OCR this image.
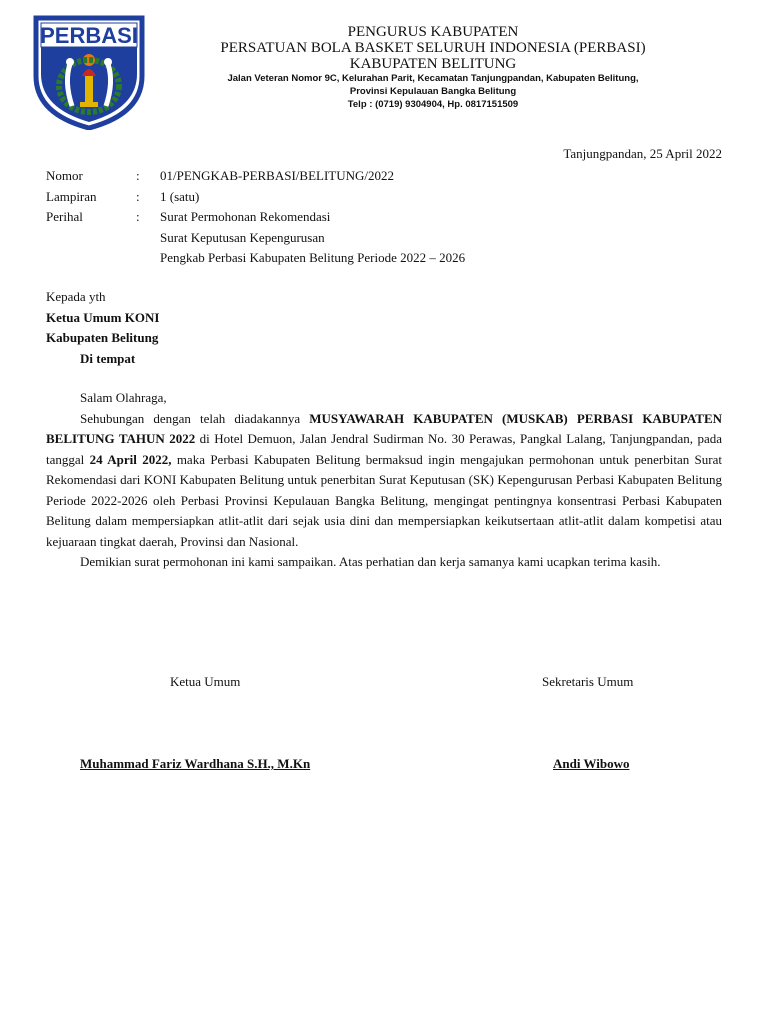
PERBASI	PENGURUS KABUPATEN
PERSATUAN BOLA BASKET SELURUH INDONESIA (PERBASI)
KABUPATEN BELITUNG
Jalan Veteran Nomor 9C, Kelurahan Parit, Kecamatan Tanjungpandan, Kabupaten Belitung,
Provinsi Kepulauan Bangka Belitung
Telp : (0719) 9304904, Hp. 0817151509
Tanjungpandan, 25 April 2022
Nomor	:	01/PENGKAB-PERBASI/BELITUNG/2022
Lampiran	:	1 (satu)
Perihal	:	Surat Permohonan Rekomendasi
Surat Keputusan Kepengurusan
Pengkab Perbasi Kabupaten Belitung Periode 2022 – 2026
Kepada yth
Ketua Umum KONI
Kabupaten Belitung
Di tempat

Salam Olahraga,

Sehubungan dengan telah diadakannya MUSYAWARAH KABUPATEN (MUSKAB) PERBASI KABUPATEN BELITUNG TAHUN 2022 di Hotel Demuon, Jalan Jendral Sudirman No. 30 Perawas, Pangkal Lalang, Tanjungpandan, pada tanggal 24 April 2022, maka Perbasi Kabupaten Belitung bermaksud ingin mengajukan permohonan untuk penerbitan Surat Rekomendasi dari KONI Kabupaten Belitung untuk penerbitan Surat Keputusan (SK) Kepengurusan Perbasi Kabupaten Belitung Periode 2022-2026 oleh Perbasi Provinsi Kepulauan Bangka Belitung, mengingat pentingnya konsentrasi Perbasi Kabupaten Belitung dalam mempersiapkan atlit-atlit dari sejak usia dini dan mempersiapkan keikutsertaan atlit-atlit dalam kompetisi atau kejuaraan tingkat daerah, Provinsi dan Nasional.

Demikian surat permohonan ini kami sampaikan. Atas perhatian dan kerja samanya kami ucapkan terima kasih.

Ketua Umum	Sekretaris Umum
Muhammad Fariz Wardhana S.H., M.Kn	Andi Wibowo
